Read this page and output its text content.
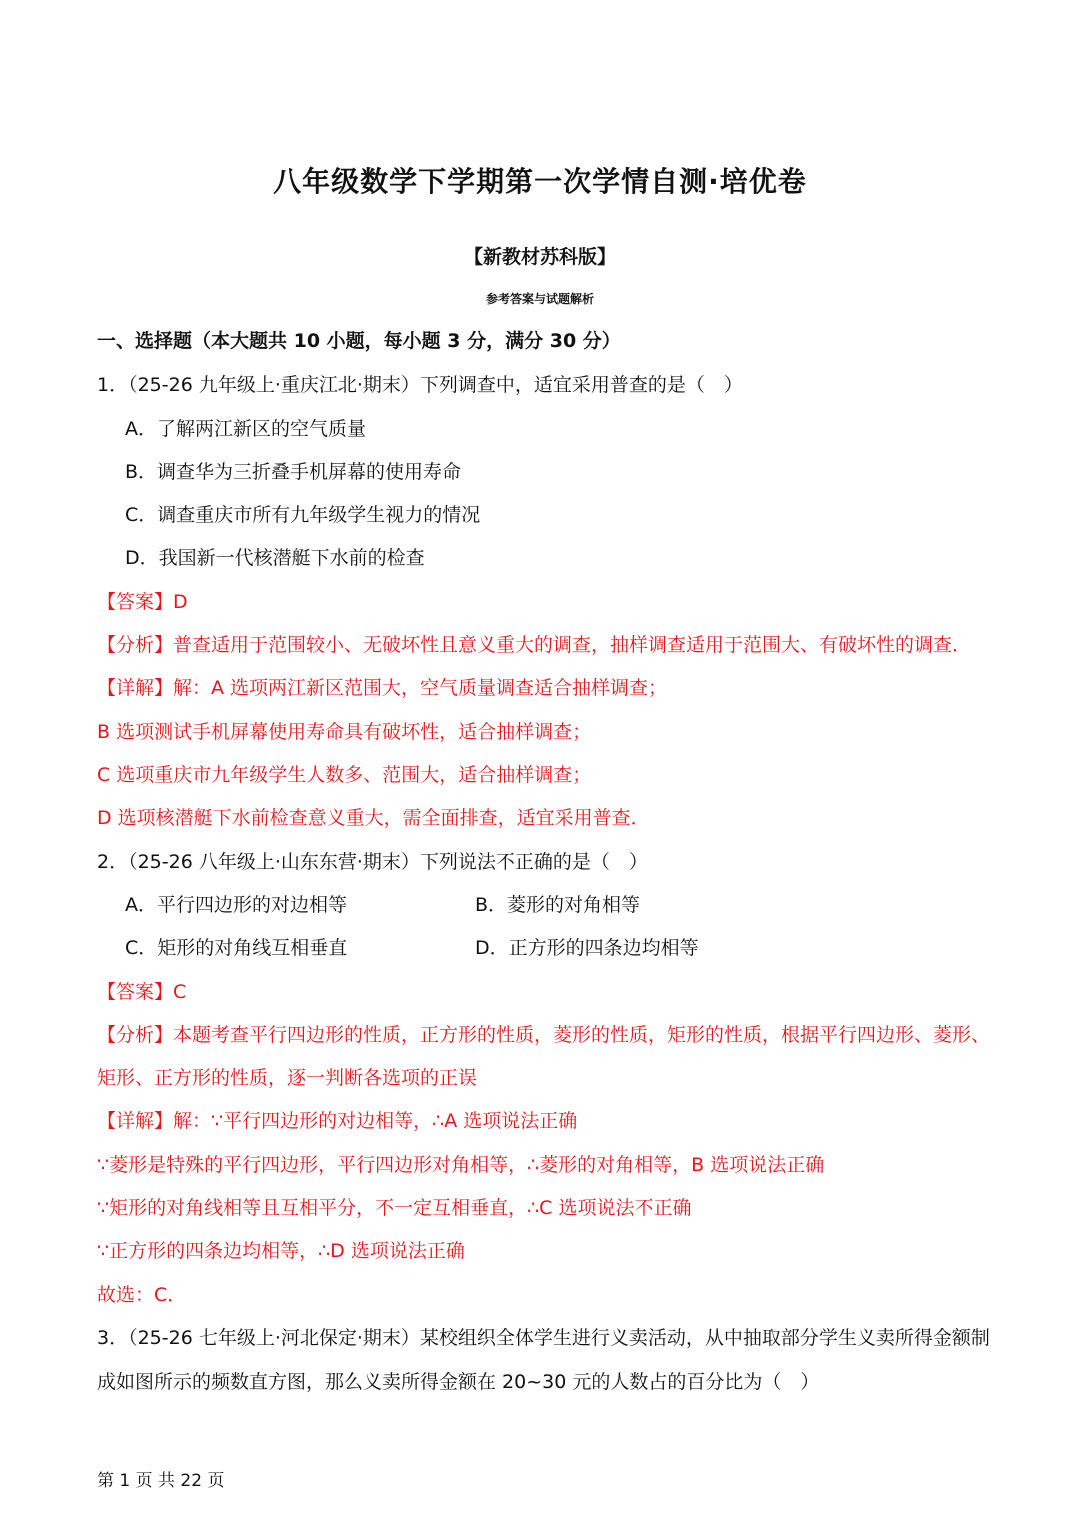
八年级数学下学期第一次学情自测·培优卷
【新教材苏科版】
参考答案与试题解析
一、选择题（本大题共 10 小题，每小题 3 分，满分 30 分）
1．（25-26 九年级上·重庆江北·期末）下列调查中，适宜采用普查的是（　）
A．了解两江新区的空气质量
B．调查华为三折叠手机屏幕的使用寿命
C．调查重庆市所有九年级学生视力的情况
D．我国新一代核潜艇下水前的检查
【答案】D
【分析】普查适用于范围较小、无破坏性且意义重大的调查，抽样调查适用于范围大、有破坏性的调查．
【详解】解：A 选项两江新区范围大，空气质量调查适合抽样调查；
B 选项测试手机屏幕使用寿命具有破坏性，适合抽样调查；
C 选项重庆市九年级学生人数多、范围大，适合抽样调查；
D 选项核潜艇下水前检查意义重大，需全面排查，适宜采用普查．
2．（25-26 八年级上·山东东营·期末）下列说法不正确的是（　）
A．平行四边形的对边相等	B．菱形的对角相等
C．矩形的对角线互相垂直	D．正方形的四条边均相等
【答案】C
【分析】本题考查平行四边形的性质，正方形的性质，菱形的性质，矩形的性质，根据平行四边形、菱形、
矩形、正方形的性质，逐一判断各选项的正误
【详解】解：∵平行四边形的对边相等，∴A 选项说法正确
∵菱形是特殊的平行四边形，平行四边形对角相等，∴菱形的对角相等，B 选项说法正确
∵矩形的对角线相等且互相平分，不一定互相垂直，∴C 选项说法不正确
∵正方形的四条边均相等，∴D 选项说法正确
故选：C．
3．（25-26 七年级上·河北保定·期末）某校组织全体学生进行义卖活动，从中抽取部分学生义卖所得金额制
成如图所示的频数直方图，那么义卖所得金额在 20~30 元的人数占的百分比为（　）
第 1 页 共 22 页
